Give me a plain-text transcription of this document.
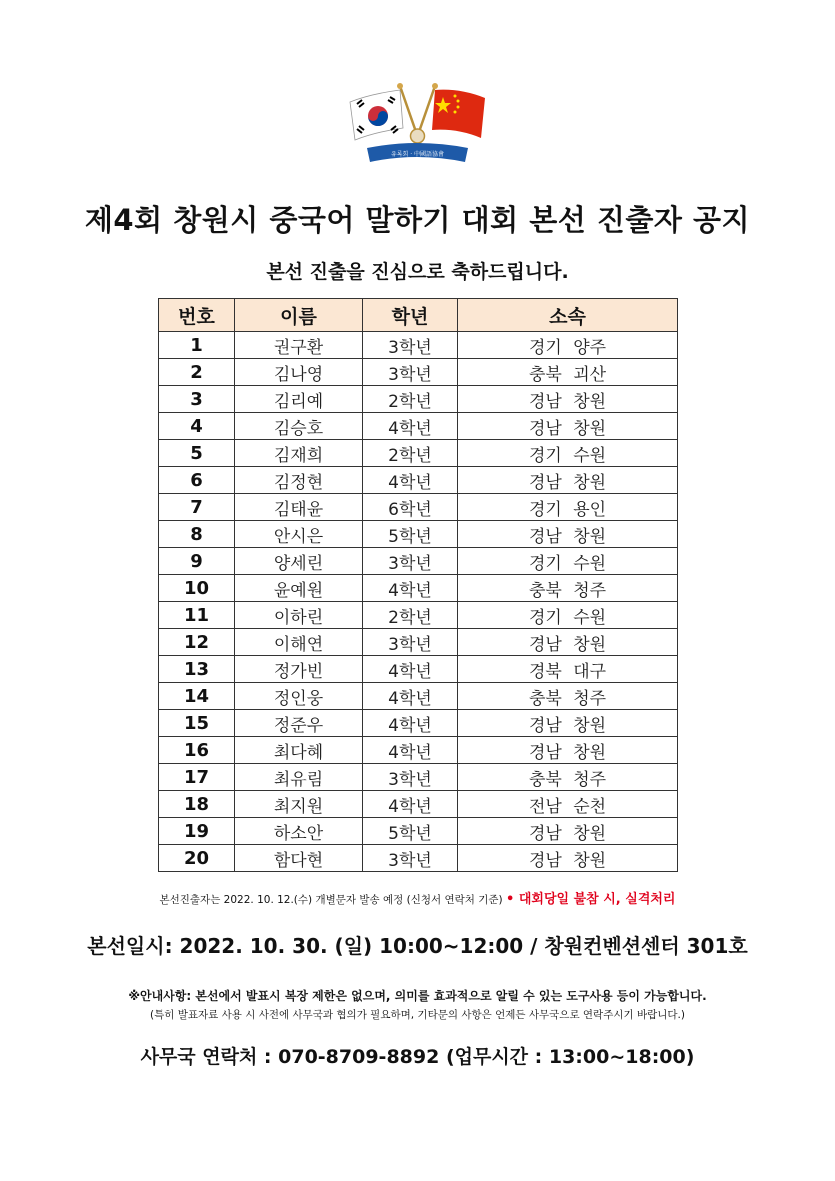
유록회 · 中國語協會
제4회 창원시 중국어 말하기 대회 본선 진출자 공지
본선 진출을 진심으로 축하드립니다.
번호	이름	학년	소속
1	권구환	3학년	경기 양주
2	김나영	3학년	충북 괴산
3	김리예	2학년	경남 창원
4	김승호	4학년	경남 창원
5	김재희	2학년	경기 수원
6	김정현	4학년	경남 창원
7	김태윤	6학년	경기 용인
8	안시은	5학년	경남 창원
9	양세린	3학년	경기 수원
10	윤예원	4학년	충북 청주
11	이하린	2학년	경기 수원
12	이해연	3학년	경남 창원
13	정가빈	4학년	경북 대구
14	정인웅	4학년	충북 청주
15	정준우	4학년	경남 창원
16	최다혜	4학년	경남 창원
17	최유림	3학년	충북 청주
18	최지원	4학년	전남 순천
19	하소안	5학년	경남 창원
20	함다현	3학년	경남 창원
본선진출자는 2022. 10. 12.(수) 개별문자 발송 예정 (신청서 연락처 기준) • 대회당일 불참 시, 실격처리
본선일시: 2022. 10. 30. (일) 10:00~12:00 / 창원컨벤션센터 301호
※안내사항: 본선에서 발표시 복장 제한은 없으며, 의미를 효과적으로 알릴 수 있는 도구사용 등이 가능합니다.
(특히 발표자료 사용 시 사전에 사무국과 협의가 필요하며, 기타문의 사항은 언제든 사무국으로 연락주시기 바랍니다.)
사무국 연락처 : 070-8709-8892 (업무시간 : 13:00~18:00)
